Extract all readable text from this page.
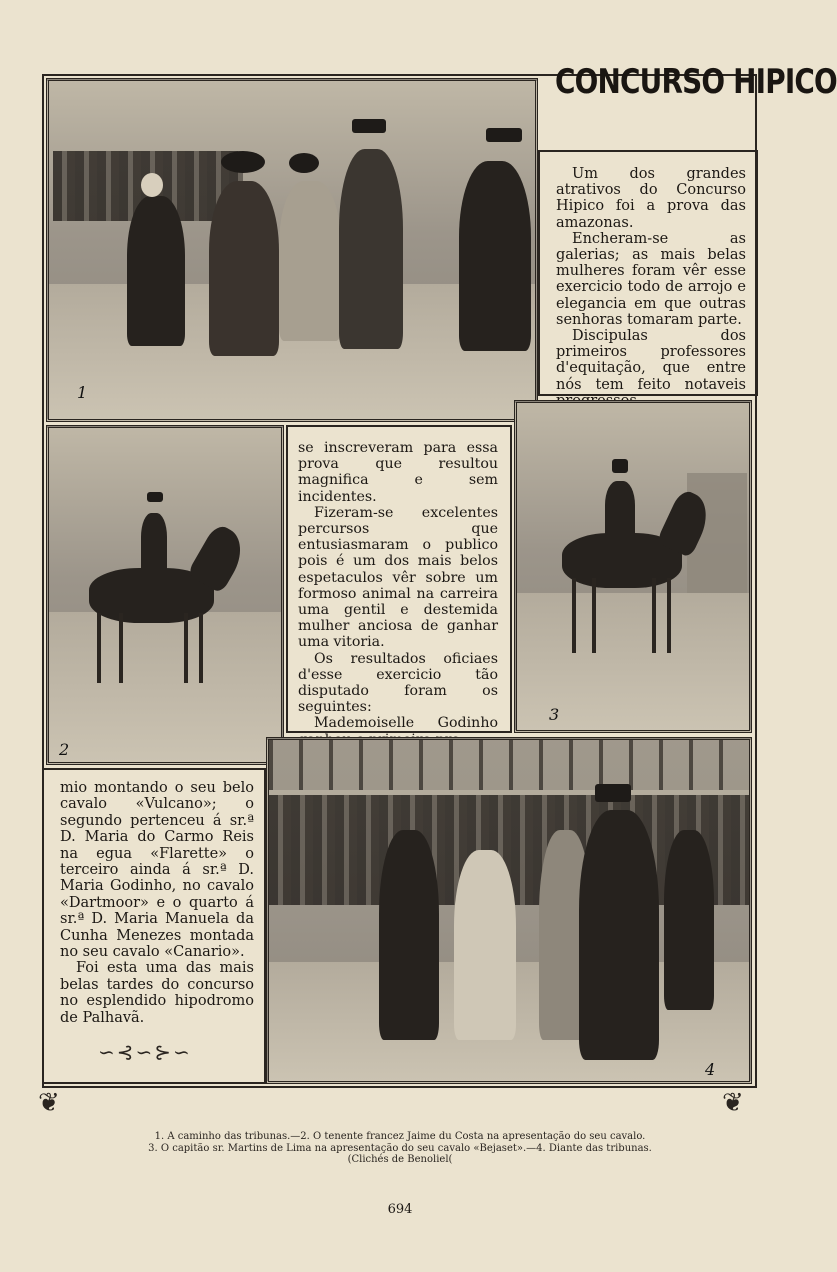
CONCURSO HIPICO
1

Um dos grandes atrativos do Concurso Hipico foi a prova das amazonas.

Encheram-se as galerias; as mais belas mulheres foram vêr esse exercicio todo de arrojo e elegancia em que outras senhoras tomaram parte.

Discipulas dos primeiros professores d'equitação, que entre nós tem feito notaveis

2

se inscreveram para essa prova que resultou magnifica e sem incidentes.

Fizeram-se excelentes percursos que entusiasmaram o publico pois é um dos mais belos espetaculos vêr sobre um formoso animal na carreira uma gentil e destemida mulher anciosa de ganhar uma vitoria.

Os resultados oficiaes d'esse exercicio tão disputado foram os seguintes:

Mademoiselle Godinho	3

mio montando o seu belo cavalo «Vulcano»; o segundo pertenceu á sr.ª D. Maria do Carmo Reis na egua «Flarette» o terceiro ainda á sr.ª D. Maria Godinho, no cavalo «Dartmoor» e o quarto á sr.ª D. Maria Manuela da Cunha Menezes montada no seu cavalo «Canario».

Foi esta uma das mais belas tardes do concurso no esplendido hipodromo de Palhavã.

∽⊰∽⊱∽
4
❦	❦
1. A caminho das tribunas.—2. O tenente francez Jaime du Costa na apresentação do seu cavalo.
3. O capitão sr. Martins de Lima na apresentação do seu cavalo «Bejaset».—4. Diante das tribunas.
(Clichés de Benoliel(
694
